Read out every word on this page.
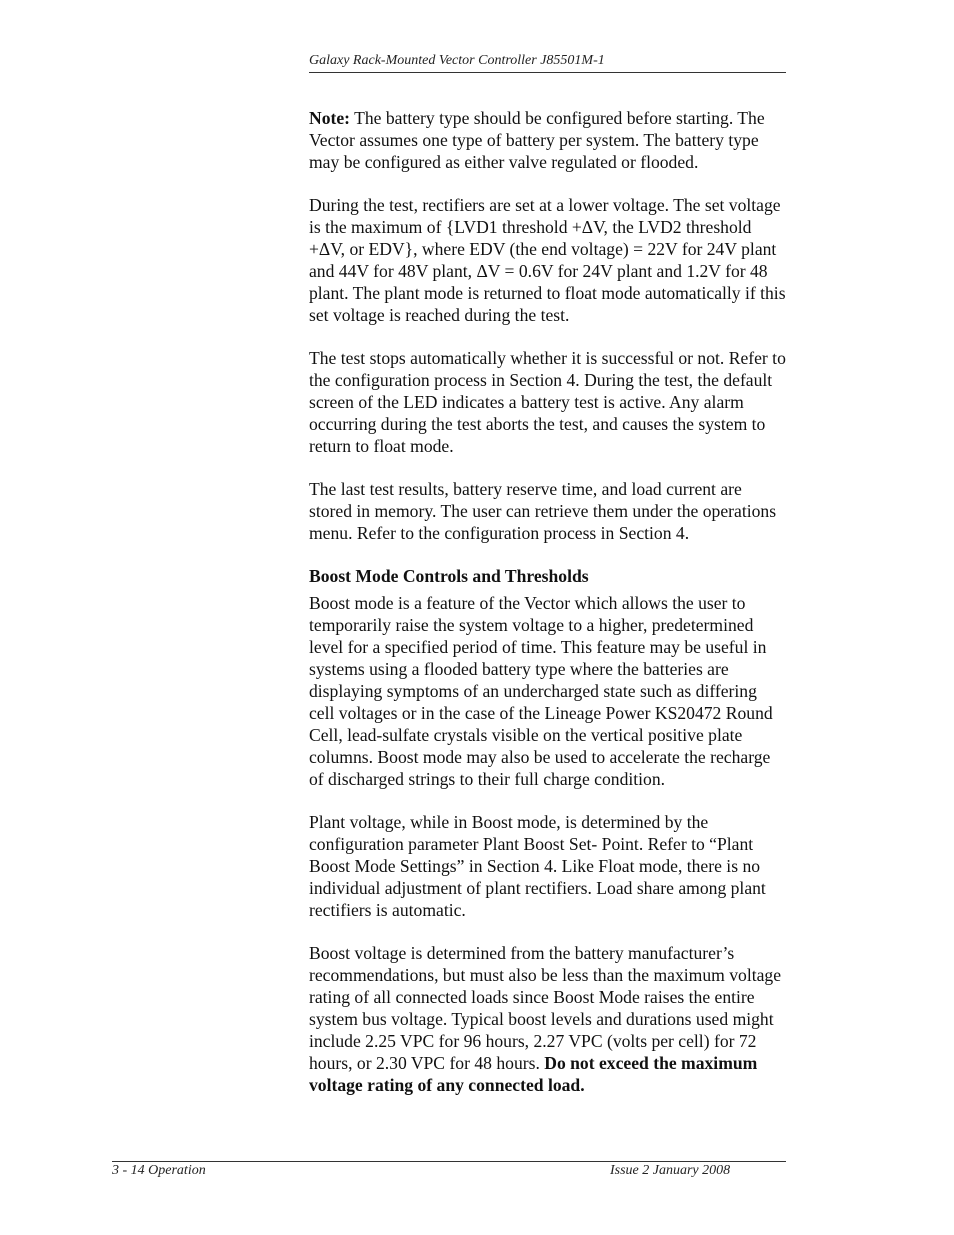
Galaxy Rack-Mounted Vector Controller J85501M-1

Note: The battery type should be configured before starting. The Vector assumes one type of battery per system. The battery type may be configured as either valve regulated or flooded.

During the test, rectifiers are set at a lower voltage. The set voltage is the maximum of {LVD1 threshold +ΔV, the LVD2 threshold +ΔV, or EDV}, where EDV (the end voltage) = 22V for 24V plant and 44V for 48V plant, ΔV = 0.6V for 24V plant and 1.2V for 48 plant. The plant mode is returned to float mode automatically if this set voltage is reached during the test.

The test stops automatically whether it is successful or not. Refer to the configuration process in Section 4. During the test, the default screen of the LED indicates a battery test is active. Any alarm occurring during the test aborts the test, and causes the system to return to float mode.

The last test results, battery reserve time, and load current are stored in memory. The user can retrieve them under the operations menu. Refer to the configuration process in Section 4.

Boost Mode Controls and Thresholds

Boost mode is a feature of the Vector which allows the user to temporarily raise the system voltage to a higher, predetermined level for a specified period of time. This feature may be useful in systems using a flooded battery type where the batteries are displaying symptoms of an undercharged state such as differing cell voltages or in the case of the Lineage Power KS20472 Round Cell, lead-sulfate crystals visible on the vertical positive plate columns. Boost mode may also be used to accelerate the recharge of discharged strings to their full charge condition.

Plant voltage, while in Boost mode, is determined by the configuration parameter Plant Boost Set- Point. Refer to “Plant Boost Mode Settings” in Section 4. Like Float mode, there is no individual adjustment of plant rectifiers. Load share among plant rectifiers is automatic.

Boost voltage is determined from the battery manufacturer’s recommendations, but must also be less than the maximum voltage rating of all connected loads since Boost Mode raises the entire system bus voltage. Typical boost levels and durations used might include 2.25 VPC for 96 hours, 2.27 VPC (volts per cell) for 72 hours, or 2.30 VPC for 48 hours. Do not exceed the maximum voltage rating of any connected load.

3 - 14 Operation	Issue 2 January 2008
